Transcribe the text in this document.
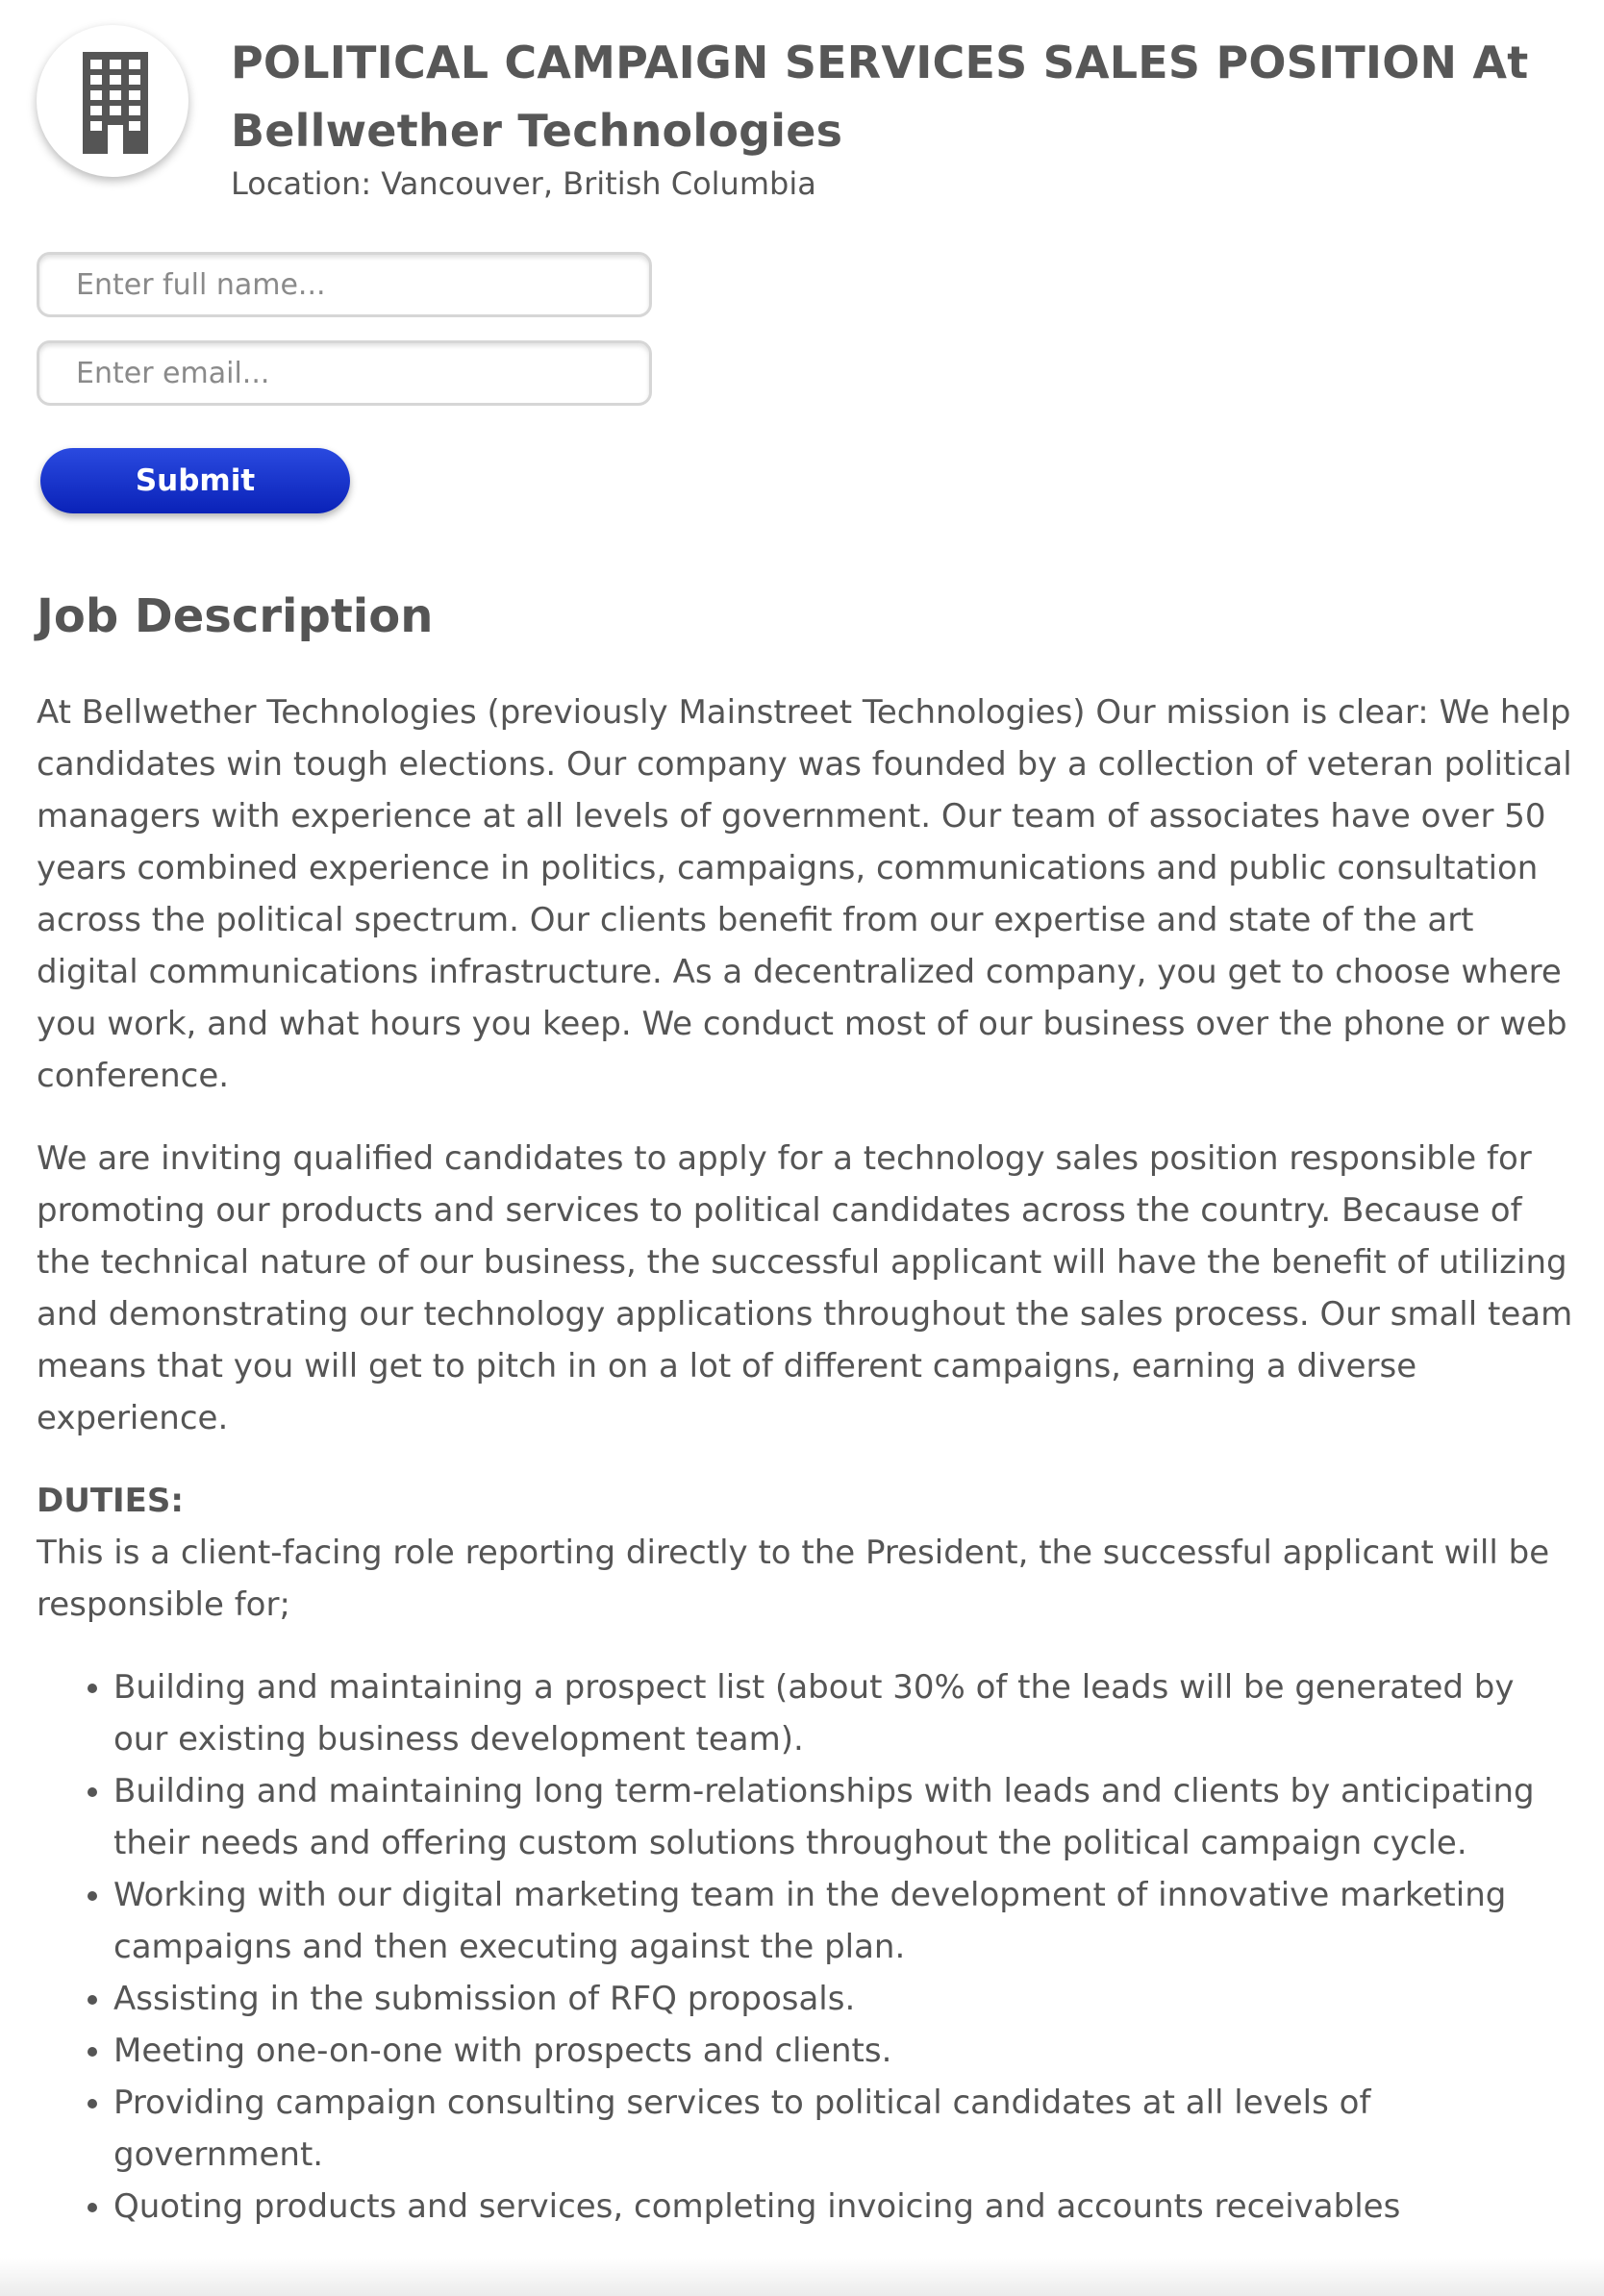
POLITICAL CAMPAIGN SERVICES SALES POSITION At Bellwether Technologies

Location: Vancouver, British Columbia

Enter full name...
Enter email...
Submit
Job Description

At Bellwether Technologies (previously Mainstreet Technologies) Our mission is clear: We help candidates win tough elections. Our company was founded by a collection of veteran political managers with experience at all levels of government. Our team of associates have over 50 years combined experience in politics, campaigns, communications and public consultation across the political spectrum. Our clients benefit from our expertise and state of the art digital communications infrastructure. As a decentralized company, you get to choose where you work, and what hours you keep. We conduct most of our business over the phone or web conference.

We are inviting qualified candidates to apply for a technology sales position responsible for promoting our products and services to political candidates across the country. Because of the technical nature of our business, the successful applicant will have the benefit of utilizing and demonstrating our technology applications throughout the sales process. Our small team means that you will get to pitch in on a lot of different campaigns, earning a diverse experience.

DUTIES:
This is a client-facing role reporting directly to the President, the successful applicant will be responsible for;

• Building and maintaining a prospect list (about 30% of the leads will be generated by our existing business development team).
• Building and maintaining long term-relationships with leads and clients by anticipating their needs and offering custom solutions throughout the political campaign cycle.
• Working with our digital marketing team in the development of innovative marketing campaigns and then executing against the plan.
• Assisting in the submission of RFQ proposals.
• Meeting one-on-one with prospects and clients.
• Providing campaign consulting services to political candidates at all levels of government.
• Quoting products and services, completing invoicing and accounts receivables
